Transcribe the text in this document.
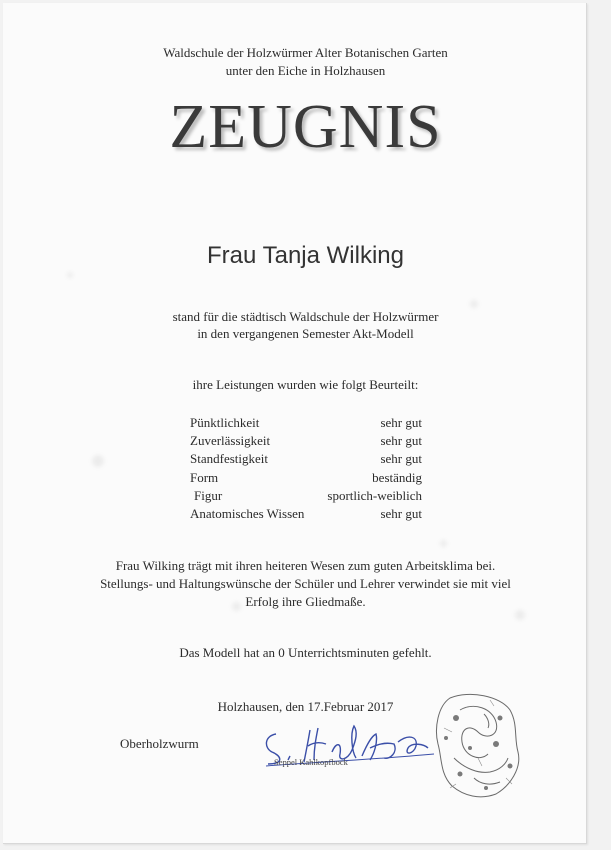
Waldschule der Holzwürmer Alter Botanischen Garten
unter den Eiche in Holzhausen
ZEUGNIS
Frau Tanja Wilking
stand für die städtisch Waldschule der Holzwürmer
in den vergangenen Semester Akt-Modell
ihre Leistungen wurden wie folgt Beurteilt:
Pünktlichkeit	sehr gut
Zuverlässigkeit	sehr gut
Standfestigkeit	sehr gut
Form	beständig
Figur	sportlich-weiblich
Anatomisches Wissen	sehr gut
Frau Wilking trägt mit ihren heiteren Wesen zum guten Arbeitsklima bei.
Stellungs- und Haltungswünsche der Schüler und Lehrer verwindet sie mit viel
Erfolg ihre Gliedmaße.
Das Modell hat an 0 Unterrichtsminuten gefehlt.
Holzhausen, den 17.Februar 2017
Oberholzwurm
Seppel Kahlkopfbock
